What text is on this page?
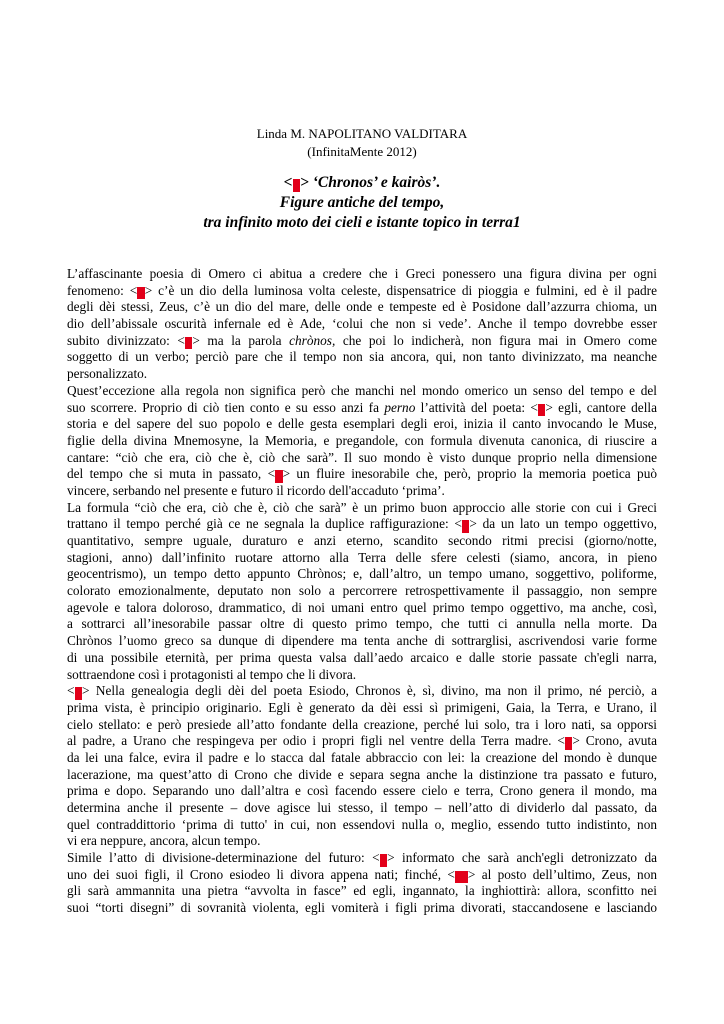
Linda M. NAPOLITANO VALDITARA
(InfinitaMente 2012)
<1> ‘Chronos’ e kairòs’.
Figure antiche del tempo,
tra infinito moto dei cieli e istante topico in terra1
L’affascinante poesia di Omero ci abitua a credere che i Greci ponessero una figura divina per ogni
fenomeno: <2> c’è un dio della luminosa volta celeste, dispensatrice di pioggia e fulmini, ed è il padre
degli dèi stessi, Zeus, c’è un dio del mare, delle onde e tempeste ed è Posidone dall’azzurra chioma, un
dio dell’abissale oscurità infernale ed è Ade, ‘colui che non si vede’. Anche il tempo dovrebbe esser
subito divinizzato: <3> ma la parola chrònos, che poi lo indicherà, non figura mai in Omero come
soggetto di un verbo; perciò pare che il tempo non sia ancora, qui, non tanto divinizzato, ma neanche
personalizzato.
Quest’eccezione alla regola non significa però che manchi nel mondo omerico un senso del tempo e del
suo scorrere. Proprio di ciò tien conto e su esso anzi fa perno l’attività del poeta: <4> egli, cantore della
storia e del sapere del suo popolo e delle gesta esemplari degli eroi, inizia il canto invocando le Muse,
figlie della divina Mnemosyne, la Memoria, e pregandole, con formula divenuta canonica, di riuscire a
cantare: “ciò che era, ciò che è, ciò che sarà”. Il suo mondo è visto dunque proprio nella dimensione
del tempo che si muta in passato, <5> un fluire inesorabile che, però, proprio la memoria poetica può
vincere, serbando nel presente e futuro il ricordo dell'accaduto ‘prima’.
La formula “ciò che era, ciò che è, ciò che sarà” è un primo buon approccio alle storie con cui i Greci
trattano il tempo perché già ce ne segnala la duplice raffigurazione: <6> da un lato un tempo oggettivo,
quantitativo, sempre uguale, duraturo e anzi eterno, scandito secondo ritmi precisi (giorno/notte,
stagioni, anno) dall’infinito ruotare attorno alla Terra delle sfere celesti (siamo, ancora, in pieno
geocentrismo), un tempo detto appunto Chrònos; e, dall’altro, un tempo umano, soggettivo, poliforme,
colorato emozionalmente, deputato non solo a percorrere retrospettivamente il passaggio, non sempre
agevole e talora doloroso, drammatico, di noi umani entro quel primo tempo oggettivo, ma anche, così,
a sottrarci all’inesorabile passar oltre di questo primo tempo, che tutti ci annulla nella morte. Da
Chrònos l’uomo greco sa dunque di dipendere ma tenta anche di sottrarglisi, ascrivendosi varie forme
di una possibile eternità, per prima questa valsa dall’aedo arcaico e dalle storie passate ch'egli narra,
sottraendone così i protagonisti al tempo che li divora.
<7> Nella genealogia degli dèi del poeta Esiodo, Chronos è, sì, divino, ma non il primo, né perciò, a
prima vista, è principio originario. Egli è generato da dèi essi sì primigeni, Gaia, la Terra, e Urano, il
cielo stellato: e però presiede all’atto fondante della creazione, perché lui solo, tra i loro nati, sa opporsi
al padre, a Urano che respingeva per odio i propri figli nel ventre della Terra madre. <8> Crono, avuta
da lei una falce, evira il padre e lo stacca dal fatale abbraccio con lei: la creazione del mondo è dunque
lacerazione, ma quest’atto di Crono che divide e separa segna anche la distinzione tra passato e futuro,
prima e dopo. Separando uno dall’altra e così facendo essere cielo e terra, Crono genera il mondo, ma
determina anche il presente – dove agisce lui stesso, il tempo – nell’atto di dividerlo dal passato, da
quel contraddittorio ‘prima di tutto' in cui, non essendovi nulla o, meglio, essendo tutto indistinto, non
vi era neppure, ancora, alcun tempo.
Simile l’atto di divisione-determinazione del futuro: <9> informato che sarà anch'egli detronizzato da
uno dei suoi figli, il Crono esiodeo li divora appena nati; finché, <10> al posto dell’ultimo, Zeus, non
gli sarà ammannita una pietra “avvolta in fasce” ed egli, ingannato, la inghiottirà: allora, sconfitto nei
suoi “torti disegni” di sovranità violenta, egli vomiterà i figli prima divorati, staccandosene e lasciando
